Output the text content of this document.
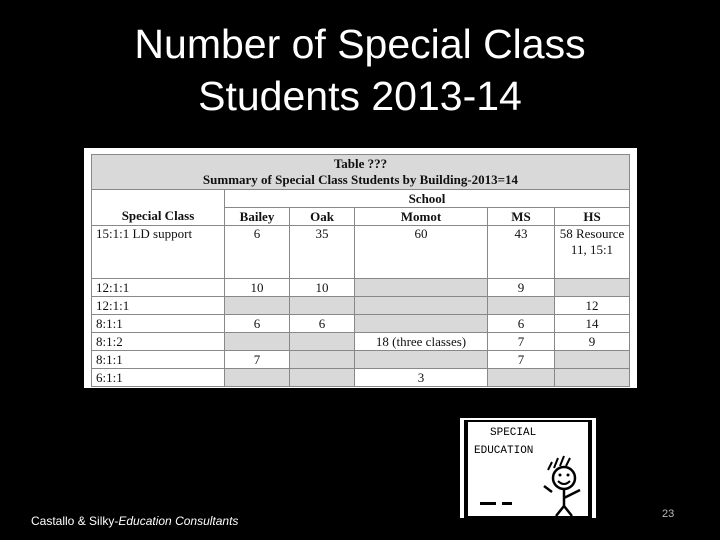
Number of Special Class
Students 2013-14
Table ???
Summary of Special Class Students by Building-2013=14					

	School				
Special Class	Bailey	Oak	Momot	MS	HS
15:1:1 LD support	6	35	60	43	58 Resource 11, 15:1
12:1:1	10	10		9	
12:1:1					12
8:1:1	6	6		6	14
8:1:2			18 (three classes)	7	9
8:1:1	7			7	
6:1:1			3		
SPECIAL
EDUCATION
Castallo & Silky-Education Consultants	23
